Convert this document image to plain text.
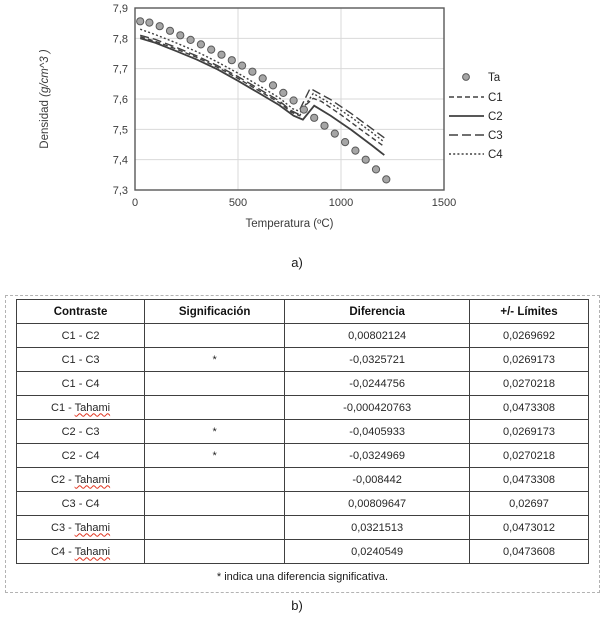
7,9
7,8
7,7
7,6
7,5
7,4
7,3
0	500	1000	1500
Temperatura (ºC)
Densidad (g/cm^3 )	Ta
C1
C2
C3
C4
a)
Contraste	Significación	Diferencia	+/- Límites
C1 - C2		0,00802124	0,0269692
C1 - C3	*	-0,0325721	0,0269173
C1 - C4		-0,0244756	0,0270218
C1 - Tahami		-0,000420763	0,0473308
C2 - C3	*	-0,0405933	0,0269173
C2 - C4	*	-0,0324969	0,0270218
C2 - Tahami		-0,008442	0,0473308
C3 - C4		0,00809647	0,02697
C3 - Tahami		0,0321513	0,0473012
C4 - Tahami		0,0240549	0,0473608
* indica una diferencia significativa.
b)
